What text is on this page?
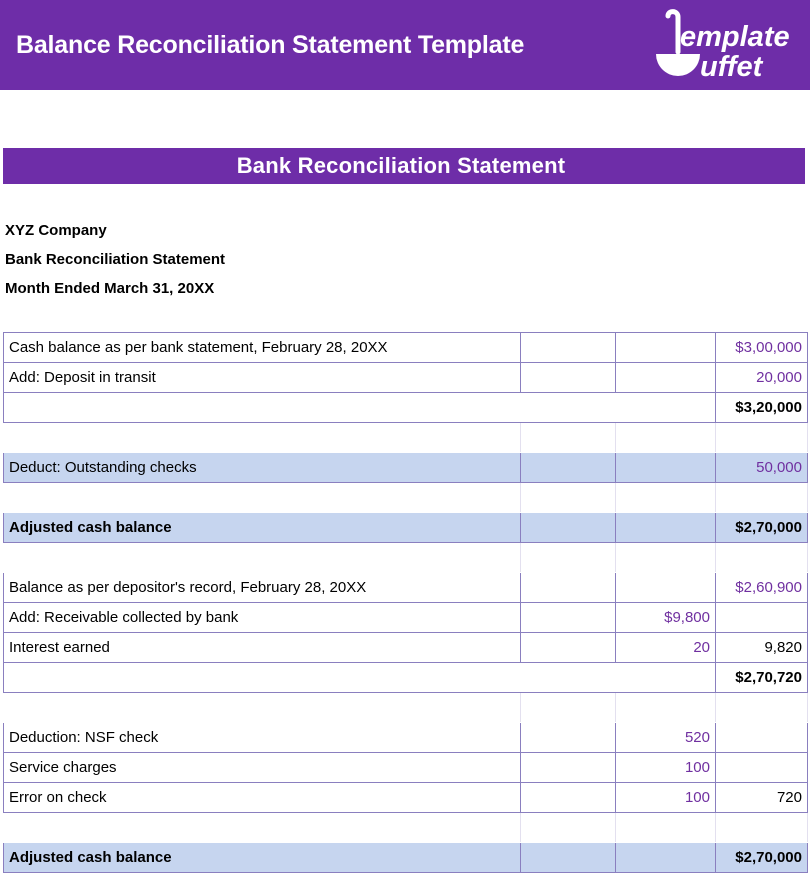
Balance Reconciliation Statement Template	emplate
uffet
Bank Reconciliation Statement
XYZ Company
Bank Reconciliation Statement
Month Ended March 31, 20XX
Cash balance as per bank statement, February 28, 20XX			$3,00,000
Add: Deposit in transit			20,000
			$3,20,000

Deduct: Outstanding checks			50,000

Adjusted cash balance			$2,70,000

Balance as per depositor's record, February 28, 20XX			$2,60,900
Add: Receivable collected by bank		$9,800	
Interest earned		20	9,820
			$2,70,720

Deduction: NSF check		520	
Service charges		100	
Error on check		100	720

Adjusted cash balance			$2,70,000
